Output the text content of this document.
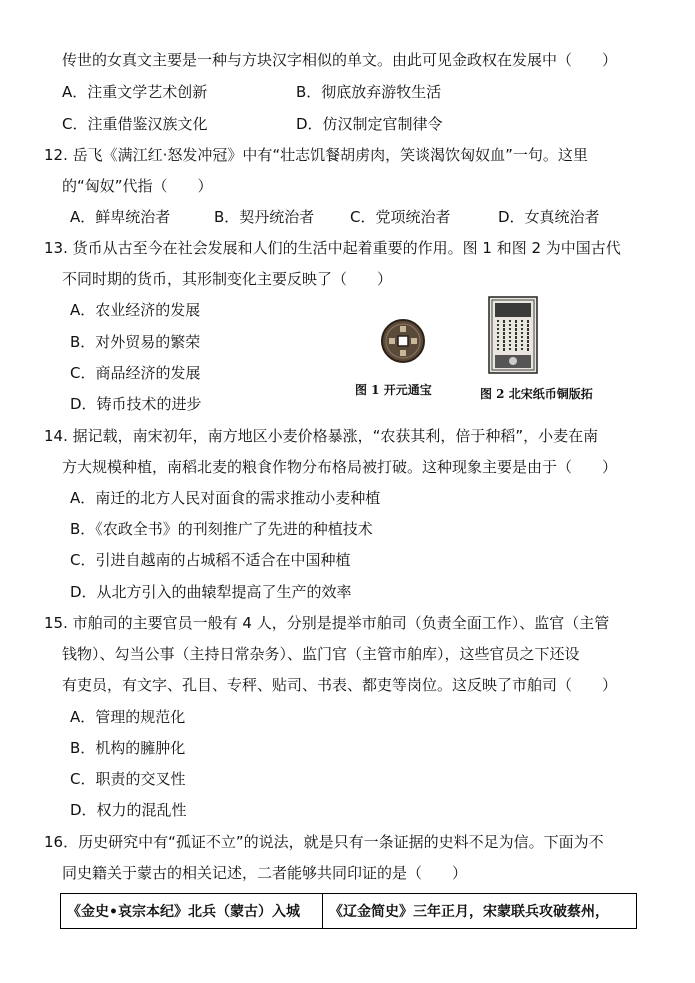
传世的女真文主要是一种与方块汉字相似的单文。由此可见金政权在发展中（　　）
A．注重文学艺术创新	B．彻底放弃游牧生活
C．注重借鉴汉族文化	D．仿汉制定官制律令
12. 岳飞《满江红·怒发冲冠》中有“壮志饥餐胡虏肉，笑谈渴饮匈奴血”一句。这里
的“匈奴”代指（　　）
A．鲜卑统治者	B．契丹统治者 C．党项统治者	D．女真统治者
13. 货币从古至今在社会发展和人们的生活中起着重要的作用。图 1 和图 2 为中国古代
不同时期的货币，其形制变化主要反映了（　　）
A．农业经济的发展
B．对外贸易的繁荣
C．商品经济的发展
D．铸币技术的进步
图 1 开元通宝	图 2 北宋纸币铜版拓
14. 据记载，南宋初年，南方地区小麦价格暴涨，“农获其利，倍于种稻”，小麦在南
方大规模种植，南稻北麦的粮食作物分布格局被打破。这种现象主要是由于（　　）
A．南迁的北方人民对面食的需求推动小麦种植
B．《农政全书》的刊刻推广了先进的种植技术
C．引进自越南的占城稻不适合在中国种植
D．从北方引入的曲辕犁提高了生产的效率
15. 市舶司的主要官员一般有 4 人，分别是提举市舶司（负责全面工作）、监官（主管
钱物）、勾当公事（主持日常杂务）、监门官（主管市舶库），这些官员之下还设
有吏员，有文字、孔目、专秤、贴司、书表、都吏等岗位。这反映了市舶司（　　）
A．管理的规范化
B．机构的臃肿化
C．职责的交叉性
D．权力的混乱性
16．历史研究中有“孤证不立”的说法，就是只有一条证据的史料不足为信。下面为不
同史籍关于蒙古的相关记述，二者能够共同印证的是（　　）
《金史•哀宗本纪》北兵（蒙古）入城	《辽金简史》三年正月，宋蒙联兵攻破蔡州，
